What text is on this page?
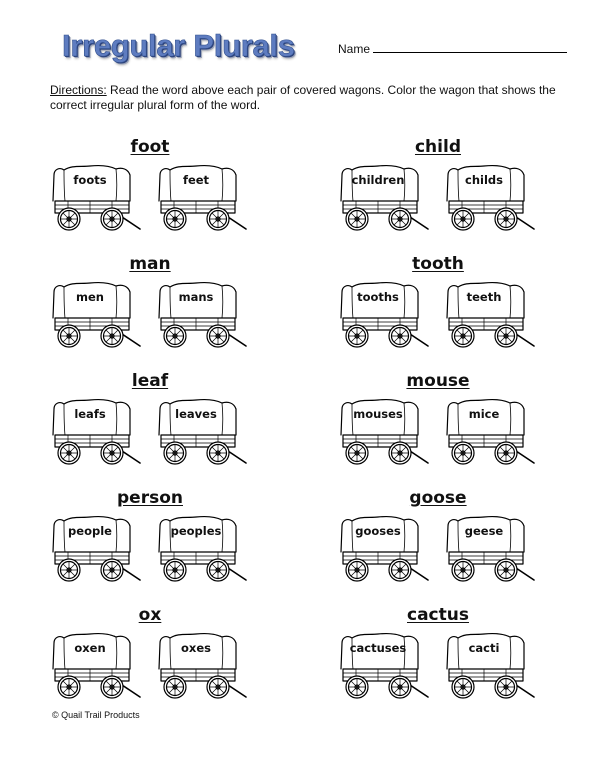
Irregular Plurals	Name
Directions: Read the word above each pair of covered wagons. Color the wagon that shows the correct irregular plural form of the word.
foot
foots	feet
child
children	childs
man
men	mans
tooth
tooths	teeth
leaf
leafs	leaves
mouse
mouses	mice
person
people	peoples
goose
gooses	geese
ox
oxen	oxes
cactus
cactuses	cacti
© Quail Trail Products
